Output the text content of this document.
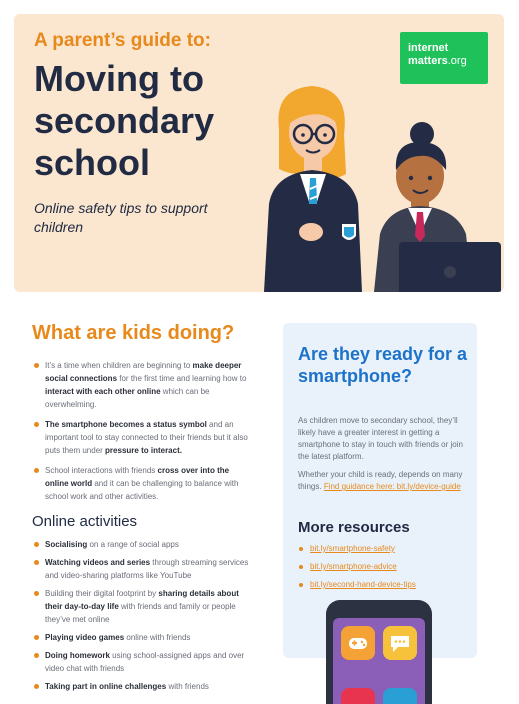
A parent’s guide to:
Moving to secondary school
Online safety tips to support children
internet
matters.org
What are kids doing?
It’s a time when children are beginning to make deeper social connections for the first time and learning how to interact with each other online which can be overwhelming.
The smartphone becomes a status symbol and an important tool to stay connected to their friends but it also puts them under pressure to interact.
School interactions with friends cross over into the online world and it can be challenging to balance with school work and other activities.
Online activities
Socialising on a range of social apps
Watching videos and series through streaming services and video-sharing platforms like YouTube
Building their digital footprint by sharing details about their day-to-day life with friends and family or people they’ve met online
Playing video games online with friends
Doing homework using school-assigned apps and over video chat with friends
Taking part in online challenges with friends
Are they ready for a smartphone?

As children move to secondary school, they’ll likely have a greater interest in getting a smartphone to stay in touch with friends or join the latest platform.

Whether your child is ready, depends on many things. Find guidance here: bit.ly/device-guide

More resources
bit.ly/smartphone-safety
bit.ly/smartphone-advice
bit.ly/second-hand-device-tips
